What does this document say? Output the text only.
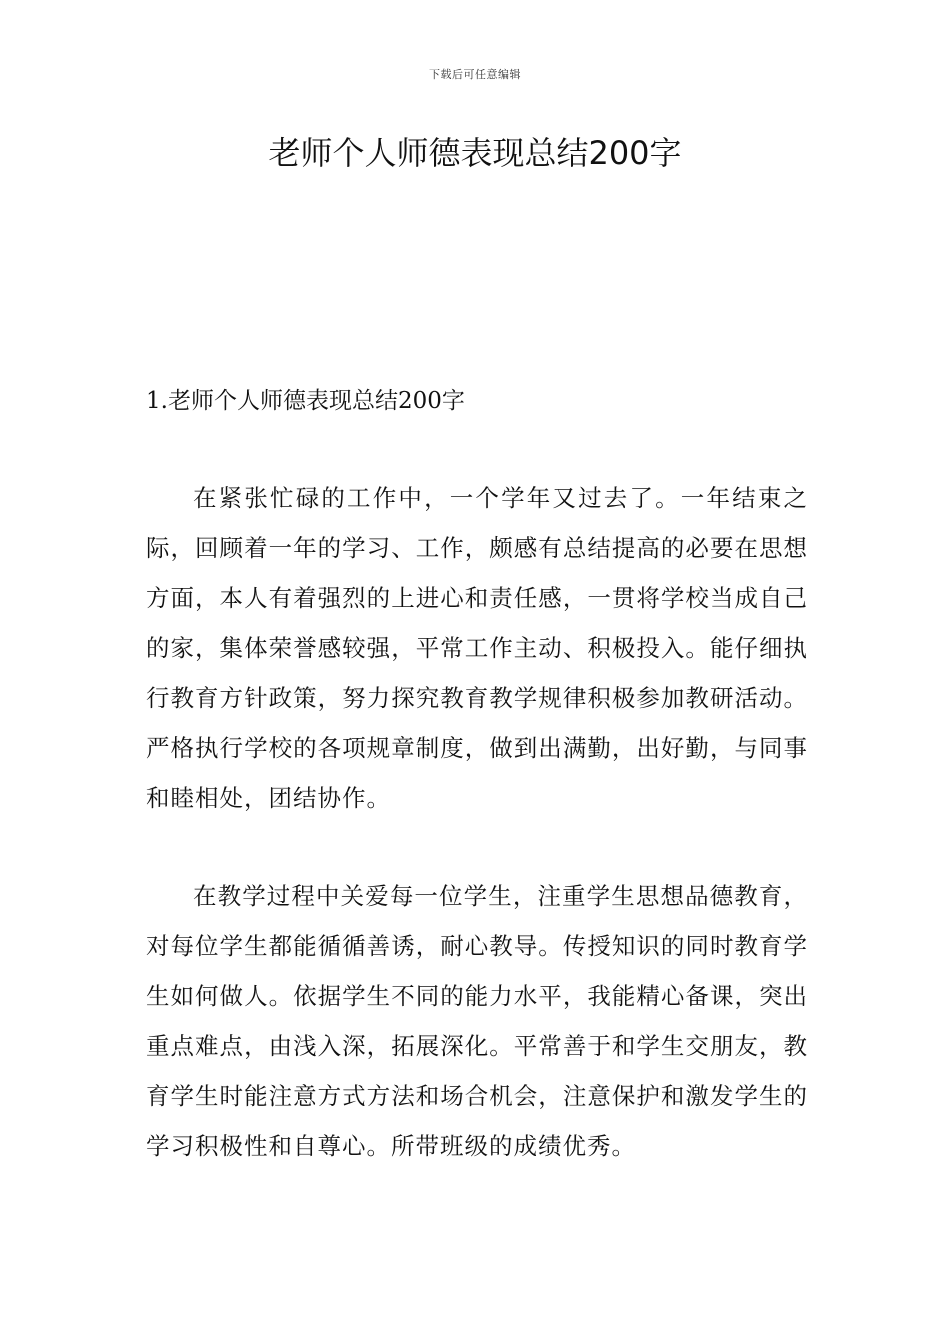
下载后可任意编辑
老师个人师德表现总结200字
1.老师个人师德表现总结200字

在紧张忙碌的工作中，一个学年又过去了。一年结束之际，回顾着一年的学习、工作，颇感有总结提高的必要在思想方面，本人有着强烈的上进心和责任感，一贯将学校当成自己的家，集体荣誉感较强，平常工作主动、积极投入。能仔细执行教育方针政策，努力探究教育教学规律积极参加教研活动。严格执行学校的各项规章制度，做到出满勤，出好勤，与同事和睦相处，团结协作。

在教学过程中关爱每一位学生，注重学生思想品德教育，对每位学生都能循循善诱，耐心教导。传授知识的同时教育学生如何做人。依据学生不同的能力水平，我能精心备课，突出重点难点，由浅入深，拓展深化。平常善于和学生交朋友，教育学生时能注意方式方法和场合机会，注意保护和激发学生的学习积极性和自尊心。所带班级的成绩优秀。
